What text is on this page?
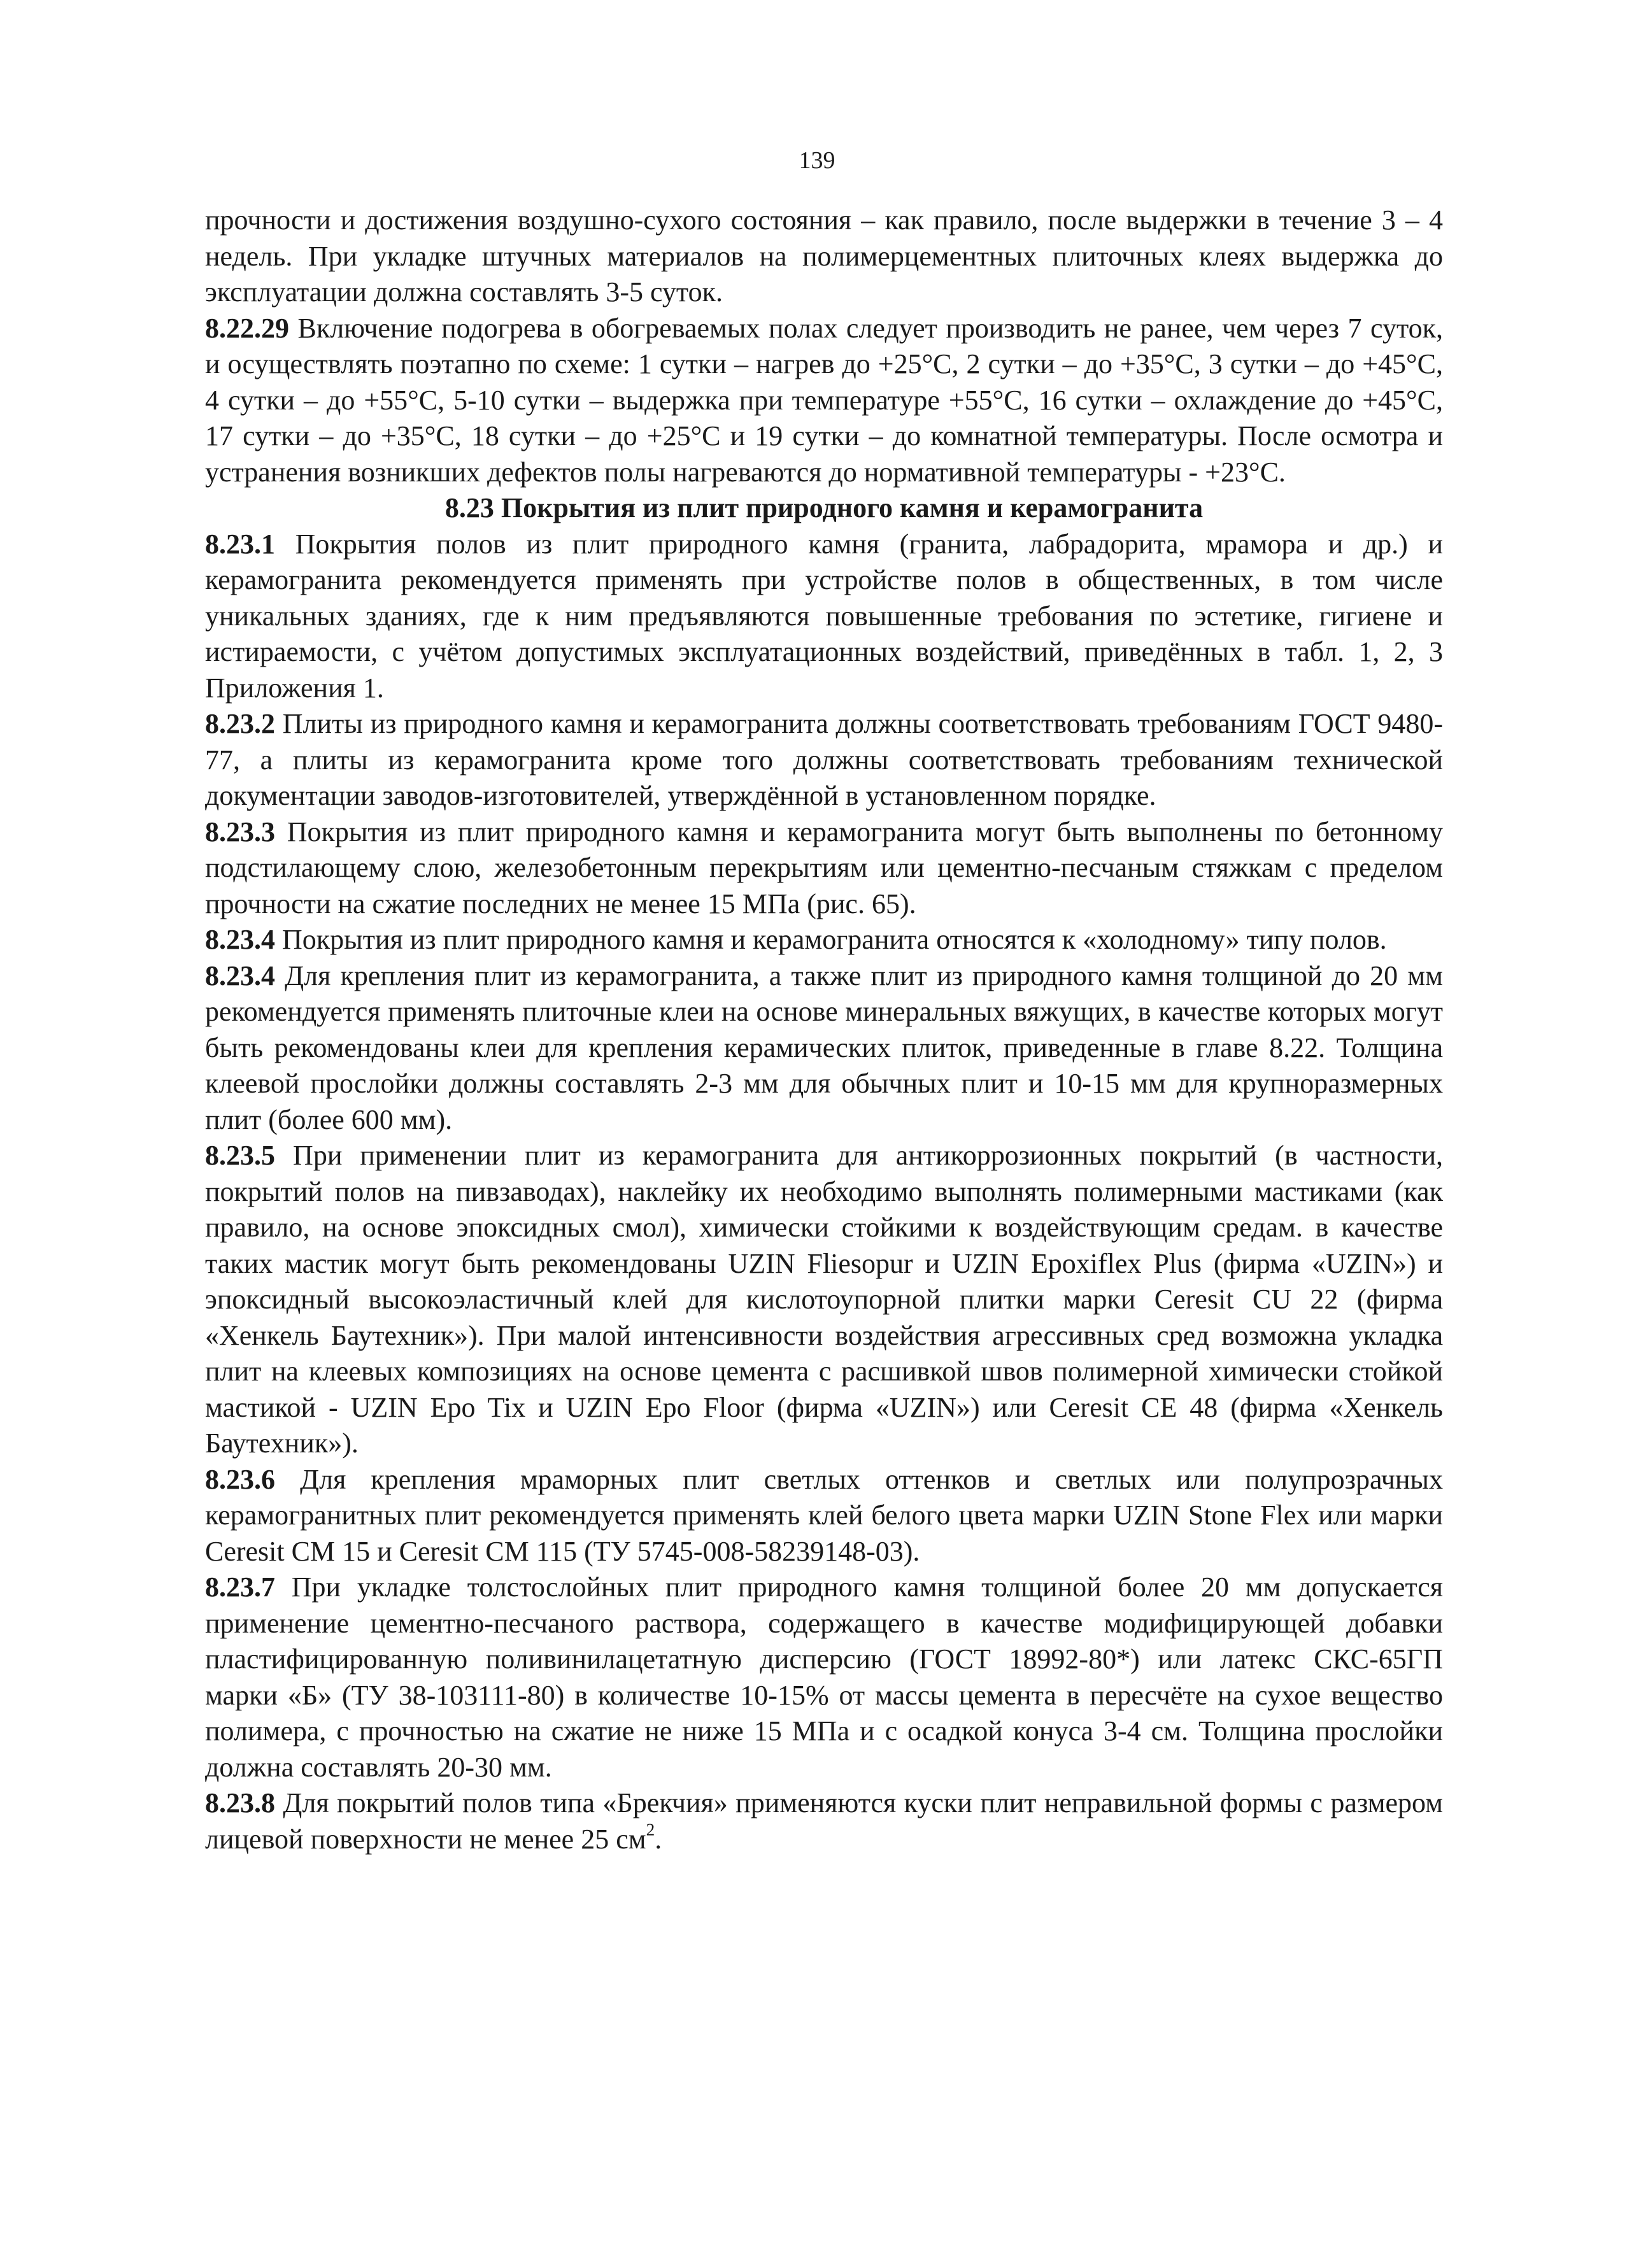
139

прочности и достижения воздушно-сухого состояния – как правило, после выдержки в течение 3 – 4 недель. При укладке штучных материалов на полимерцементных плиточных клеях выдержка до эксплуатации должна составлять 3-5 суток.

8.22.29 Включение подогрева в обогреваемых полах следует производить не ранее, чем через 7 суток, и осуществлять поэтапно по схеме: 1 сутки – нагрев до +25°С, 2 сутки – до +35°С, 3 сутки – до +45°С, 4 сутки – до +55°С, 5-10 сутки – выдержка при температуре +55°С, 16 сутки – охлаждение до +45°С, 17 сутки – до +35°С, 18 сутки – до +25°С и 19 сутки – до комнатной температуры. После осмотра и устранения возникших дефектов полы нагреваются до нормативной температуры - +23°С.

8.23 Покрытия из плит природного камня и керамогранита

8.23.1 Покрытия полов из плит природного камня (гранита, лабрадорита, мрамора и др.) и керамогранита рекомендуется применять при устройстве полов в общественных, в том числе уникальных зданиях, где к ним предъявляются повышенные требования по эстетике, гигиене и истираемости, с учётом допустимых эксплуатационных воздействий, приведённых в табл. 1, 2, 3 Приложения 1.

8.23.2 Плиты из природного камня и керамогранита должны соответствовать требованиям ГОСТ 9480-77, а плиты из керамогранита кроме того должны соответствовать требованиям технической документации заводов-изготовителей, утверждённой в установленном порядке.

8.23.3 Покрытия из плит природного камня и керамогранита могут быть выполнены по бетонному подстилающему слою, железобетонным перекрытиям или цементно-песчаным стяжкам с пределом прочности на сжатие последних не менее 15 МПа (рис. 65).

8.23.4 Покрытия из плит природного камня и керамогранита относятся к «холодному» типу полов.

8.23.4 Для крепления плит из керамогранита, а также плит из природного камня толщиной до 20 мм рекомендуется применять плиточные клеи на основе минеральных вяжущих, в качестве которых могут быть рекомендованы клеи для крепления керамических плиток, приведенные в главе 8.22. Толщина клеевой прослойки должны составлять 2-3 мм для обычных плит и 10-15 мм для крупноразмерных плит (более 600 мм).

8.23.5 При применении плит из керамогранита для антикоррозионных покрытий (в частности, покрытий полов на пивзаводах), наклейку их необходимо выполнять полимерными мастиками (как правило, на основе эпоксидных смол), химически стойкими к воздействующим средам. в качестве таких мастик могут быть рекомендованы UZIN Fliesopur и UZIN Epoxiflex Plus (фирма «UZIN») и эпоксидный высокоэластичный клей для кислотоупорной плитки марки Ceresit CU 22 (фирма «Хенкель Баутехник»). При малой интенсивности воздействия агрессивных сред возможна укладка плит на клеевых композициях на основе цемента с расшивкой швов полимерной химически стойкой мастикой - UZIN Epo Tix и UZIN Epo Floor (фирма «UZIN») или Ceresit CE 48 (фирма «Хенкель Баутехник»).

8.23.6 Для крепления мраморных плит светлых оттенков и светлых или полупрозрачных керамогранитных плит рекомендуется применять клей белого цвета марки UZIN Stone Flex или марки Ceresit CM 15 и Ceresit CM 115 (ТУ 5745-008-58239148-03).

8.23.7 При укладке толстослойных плит природного камня толщиной более 20 мм допускается применение цементно-песчаного раствора, содержащего в качестве модифицирующей добавки пластифицированную поливинилацетатную дисперсию (ГОСТ 18992-80*) или латекс СКС-65ГП марки «Б» (ТУ 38-103111-80) в количестве 10-15% от массы цемента в пересчёте на сухое вещество полимера, с прочностью на сжатие не ниже 15 МПа и с осадкой конуса 3-4 см. Толщина прослойки должна составлять 20-30 мм.

8.23.8 Для покрытий полов типа «Брекчия» применяются куски плит неправильной формы с размером лицевой поверхности не менее 25 $см^2$.
